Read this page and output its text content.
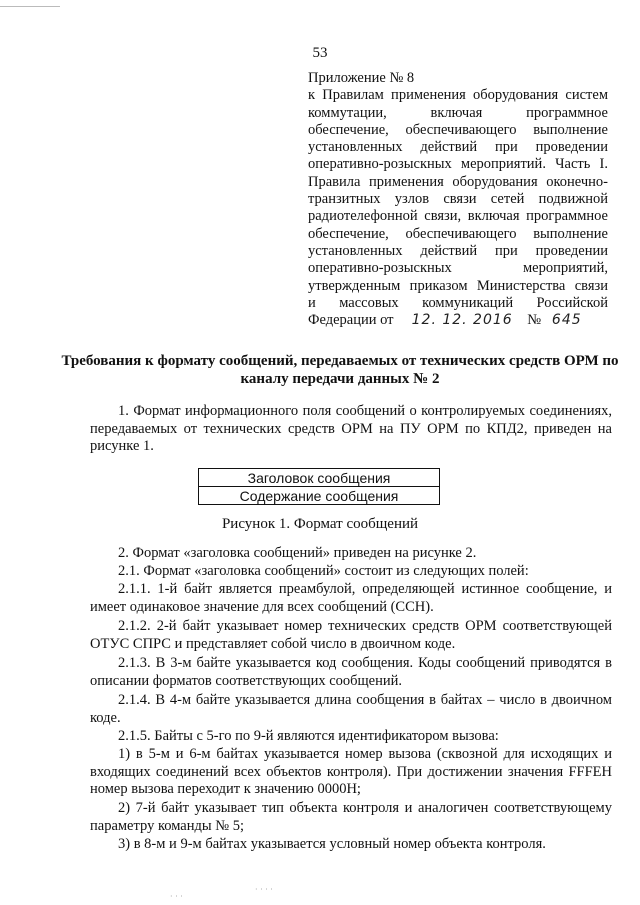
53
Приложение № 8
к Правилам применения оборудования систем
коммутации, включая программное
обеспечение, обеспечивающего выполнение
установленных действий при проведении
оперативно-розыскных мероприятий. Часть I.
Правила применения оборудования оконечно-
транзитных узлов связи сетей подвижной
радиотелефонной связи, включая программное
обеспечение, обеспечивающего выполнение
установленных действий при проведении
оперативно-розыскных мероприятий,
утвержденным приказом Министерства связи
и массовых коммуникаций Российской
Федерации от 12. 12. 2016 № 645
Требования к формату сообщений, передаваемых от технических средств ОРМ по каналу передачи данных № 2
1. Формат информационного поля сообщений о контролируемых соединениях, передаваемых от технических средств ОРМ на ПУ ОРМ по КПД2, приведен на рисунке 1.
Заголовок сообщения
Содержание сообщения
Рисунок 1. Формат сообщений
2. Формат «заголовка сообщений» приведен на рисунке 2.
2.1. Формат «заголовка сообщений» состоит из следующих полей:
2.1.1. 1-й байт является преамбулой, определяющей истинное сообщение, и имеет одинаковое значение для всех сообщений (ССН).
2.1.2. 2-й байт указывает номер технических средств ОРМ соответствующей ОТУС СПРС и представляет собой число в двоичном коде.
2.1.3. В 3-м байте указывается код сообщения. Коды сообщений приводятся в описании форматов соответствующих сообщений.
2.1.4. В 4-м байте указывается длина сообщения в байтах – число в двоичном коде.
2.1.5. Байты с 5-го по 9-й являются идентификатором вызова:
1) в 5-м и 6-м байтах указывается номер вызова (сквозной для исходящих и входящих соединений всех объектов контроля). При достижении значения FFFEH номер вызова переходит к значению 0000H;
2) 7-й байт указывает тип объекта контроля и аналогичен соответствующему параметру команды № 5;
3) в 8-м и 9-м байтах указывается условный номер объекта контроля.
· · ·
· · · ·
